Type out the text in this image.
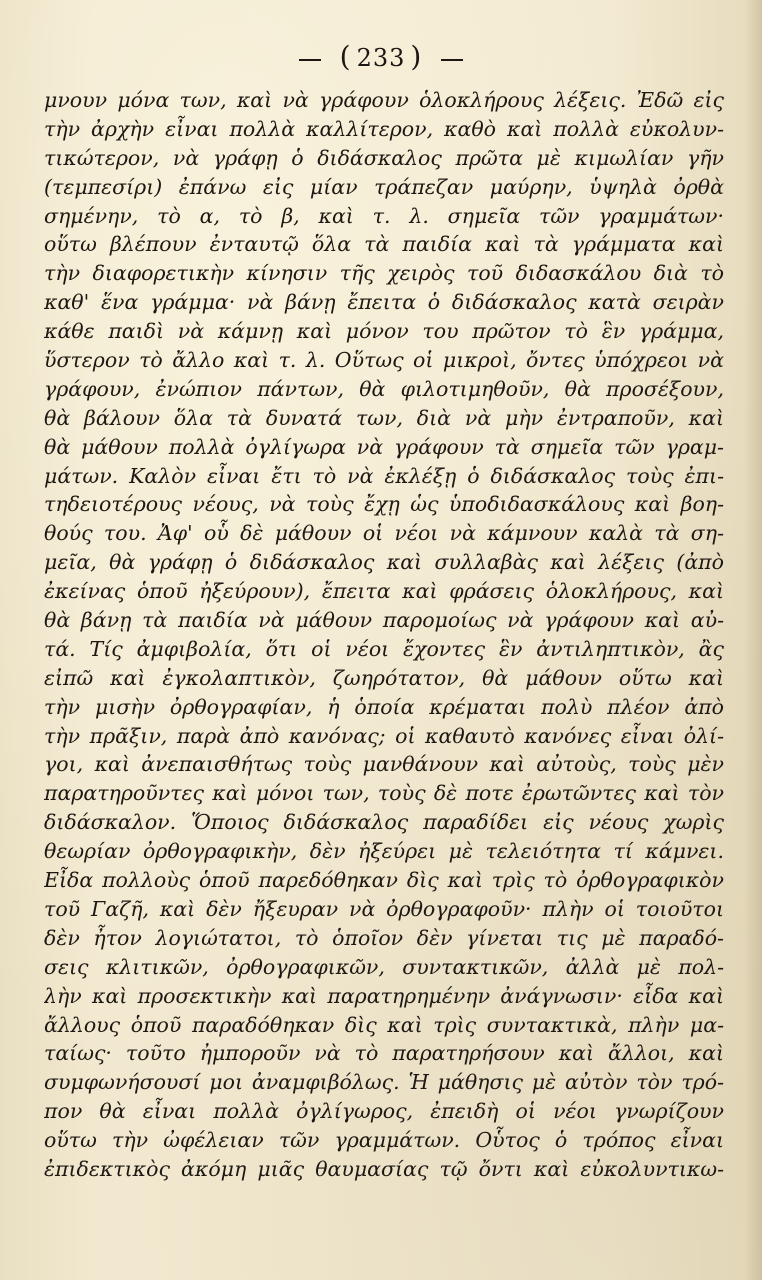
( 233 )
μνουν μόνα των, καὶ νὰ γράφουν ὁλοκλήρους λέξεις. Ἐδῶ εἰς
τὴν ἀρχὴν εἶναι πολλὰ καλλίτερον, καθὸ καὶ πολλὰ εὐκολυν-
τικώτερον, νὰ γράφῃ ὁ διδάσκαλος πρῶτα μὲ κιμωλίαν γῆν
(τεμπεσίρι) ἐπάνω εἰς μίαν τράπεζαν μαύρην, ὑψηλὰ ὀρθὰ
σημένην, τὸ α, τὸ β, καὶ τ. λ. σημεῖα τῶν γραμμάτων·
οὕτω βλέπουν ἐνταυτῷ ὅλα τὰ παιδία καὶ τὰ γράμματα καὶ
τὴν διαφορετικὴν κίνησιν τῆς χειρὸς τοῦ διδασκάλου διὰ τὸ
καθ' ἕνα γράμμα· νὰ βάνῃ ἔπειτα ὁ διδάσκαλος κατὰ σειρὰν
κάθε παιδὶ νὰ κάμνῃ καὶ μόνον του πρῶτον τὸ ἓν γράμμα,
ὕστερον τὸ ἄλλο καὶ τ. λ. Οὕτως οἱ μικροὶ, ὄντες ὑπόχρεοι νὰ
γράφουν, ἐνώπιον πάντων, θὰ φιλοτιμηθοῦν, θὰ προσέξουν,
θὰ βάλουν ὅλα τὰ δυνατά των, διὰ νὰ μὴν ἐντραποῦν, καὶ
θὰ μάθουν πολλὰ ὀγλίγωρα νὰ γράφουν τὰ σημεῖα τῶν γραμ-
μάτων. Καλὸν εἶναι ἔτι τὸ νὰ ἐκλέξῃ ὁ διδάσκαλος τοὺς ἐπι-
τηδειοτέρους νέους, νὰ τοὺς ἔχῃ ὡς ὑποδιδασκάλους καὶ βοη-
θούς του. Ἀφ' οὗ δὲ μάθουν οἱ νέοι νὰ κάμνουν καλὰ τὰ ση-
μεῖα, θὰ γράφῃ ὁ διδάσκαλος καὶ συλλαβὰς καὶ λέξεις (ἀπὸ
ἐκείνας ὁποῦ ἠξεύρουν), ἔπειτα καὶ φράσεις ὁλοκλήρους, καὶ
θὰ βάνῃ τὰ παιδία νὰ μάθουν παρομοίως νὰ γράφουν καὶ αὐ-
τά. Τίς ἀμφιβολία, ὅτι οἱ νέοι ἔχοντες ἓν ἀντιληπτικὸν, ἂς
εἰπῶ καὶ ἐγκολαπτικὸν, ζωηρότατον, θὰ μάθουν οὕτω καὶ
τὴν μισὴν ὀρθογραφίαν, ἡ ὁποία κρέμαται πολὺ πλέον ἀπὸ
τὴν πρᾶξιν, παρὰ ἀπὸ κανόνας; οἱ καθαυτὸ κανόνες εἶναι ὀλί-
γοι, καὶ ἀνεπαισθήτως τοὺς μανθάνουν καὶ αὐτοὺς, τοὺς μὲν
παρατηροῦντες καὶ μόνοι των, τοὺς δὲ ποτε ἐρωτῶντες καὶ τὸν
διδάσκαλον. Ὅποιος διδάσκαλος παραδίδει εἰς νέους χωρὶς
θεωρίαν ὀρθογραφικὴν, δὲν ἠξεύρει μὲ τελειότητα τί κάμνει.
Εἶδα πολλοὺς ὁποῦ παρεδόθηκαν δὶς καὶ τρὶς τὸ ὀρθογραφικὸν
τοῦ Γαζῆ, καὶ δὲν ἤξευραν νὰ ὀρθογραφοῦν· πλὴν οἱ τοιοῦτοι
δὲν ἦτον λογιώτατοι, τὸ ὁποῖον δὲν γίνεται τις μὲ παραδό-
σεις κλιτικῶν, ὀρθογραφικῶν, συντακτικῶν, ἀλλὰ μὲ πολ-
λὴν καὶ προσεκτικὴν καὶ παρατηρημένην ἀνάγνωσιν· εἶδα καὶ
ἄλλους ὁποῦ παραδόθηκαν δὶς καὶ τρὶς συντακτικὰ, πλὴν μα-
ταίως· τοῦτο ἠμποροῦν νὰ τὸ παρατηρήσουν καὶ ἄλλοι, καὶ
συμφωνήσουσί μοι ἀναμφιβόλως. Ἡ μάθησις μὲ αὐτὸν τὸν τρό-
πον θὰ εἶναι πολλὰ ὀγλίγωρος, ἐπειδὴ οἱ νέοι γνωρίζουν
οὕτω τὴν ὠφέλειαν τῶν γραμμάτων. Οὗτος ὁ τρόπος εἶναι
ἐπιδεκτικὸς ἀκόμη μιᾶς θαυμασίας τῷ ὄντι καὶ εὐκολυντικω-
